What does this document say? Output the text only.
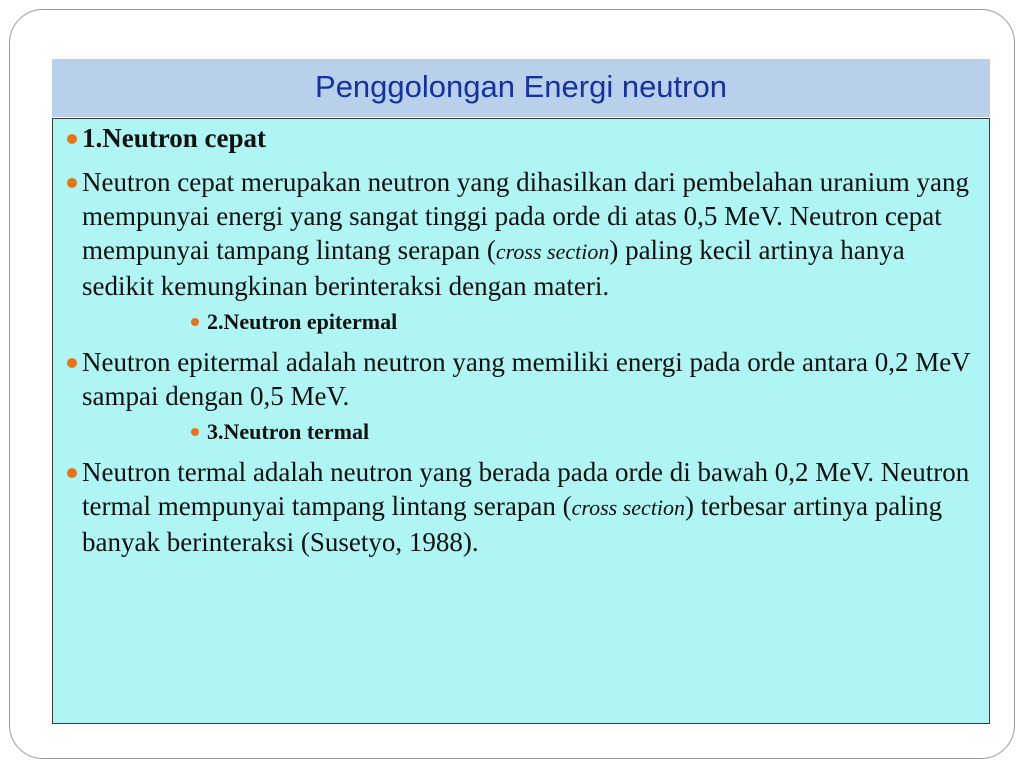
Penggolongan Energi neutron
1.Neutron cepat
Neutron cepat merupakan neutron yang dihasilkan dari pembelahan uranium yang mempunyai energi yang sangat tinggi pada orde di atas 0,5 MeV. Neutron cepat mempunyai tampang lintang serapan (cross section) paling kecil artinya hanya sedikit kemungkinan berinteraksi dengan materi.
2.Neutron epitermal
Neutron epitermal adalah neutron yang memiliki energi pada orde antara 0,2 MeV sampai dengan 0,5 MeV.
3.Neutron termal
Neutron termal adalah neutron yang berada pada orde di bawah 0,2 MeV. Neutron termal mempunyai tampang lintang serapan (cross section) terbesar artinya paling banyak berinteraksi (Susetyo, 1988).
